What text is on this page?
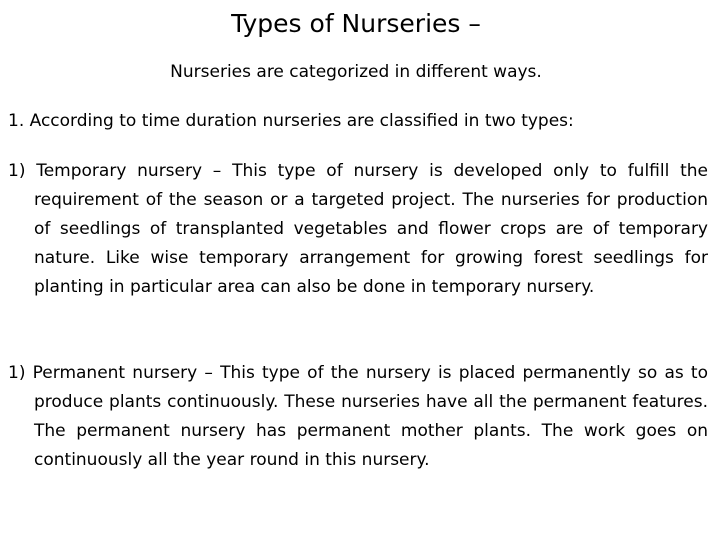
Types of Nurseries –
Nurseries are categorized in different ways.
1. According to time duration nurseries are classified in two types:
1) Temporary nursery – This type of nursery is developed only to fulfill the requirement of the season or a targeted project. The nurseries for production of seedlings of transplanted vegetables and flower crops are of temporary nature. Like wise temporary arrangement for growing forest seedlings for planting in particular area can also be done in temporary nursery.
1) Permanent nursery – This type of the nursery is placed permanently so as to produce plants continuously. These nurseries have all the permanent features. The permanent nursery has permanent mother plants. The work goes on continuously all the year round in this nursery.
